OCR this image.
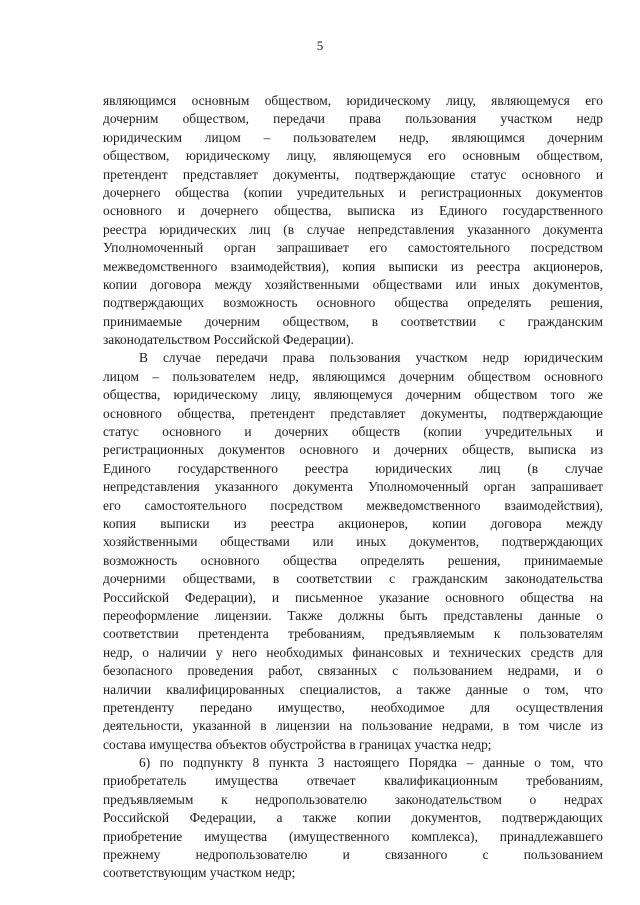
5
являющимся основным обществом, юридическому лицу, являющемуся его
дочерним обществом, передачи права пользования участком недр
юридическим лицом – пользователем недр, являющимся дочерним
обществом, юридическому лицу, являющемуся его основным обществом,
претендент представляет документы, подтверждающие статус основного и
дочернего общества (копии учредительных и регистрационных документов
основного и дочернего общества, выписка из Единого государственного
реестра юридических лиц (в случае непредставления указанного документа
Уполномоченный орган запрашивает его самостоятельного посредством
межведомственного взаимодействия), копия выписки из реестра акционеров,
копии договора между хозяйственными обществами или иных документов,
подтверждающих возможность основного общества определять решения,
принимаемые дочерним обществом, в соответствии с гражданским
законодательством Российской Федерации).
В случае передачи права пользования участком недр юридическим
лицом – пользователем недр, являющимся дочерним обществом основного
общества, юридическому лицу, являющемуся дочерним обществом того же
основного общества, претендент представляет документы, подтверждающие
статус основного и дочерних обществ (копии учредительных и
регистрационных документов основного и дочерних обществ, выписка из
Единого государственного реестра юридических лиц (в случае
непредставления указанного документа Уполномоченный орган запрашивает
его самостоятельного посредством межведомственного взаимодействия),
копия выписки из реестра акционеров, копии договора между
хозяйственными обществами или иных документов, подтверждающих
возможность основного общества определять решения, принимаемые
дочерними обществами, в соответствии с гражданским законодательства
Российской Федерации), и письменное указание основного общества на
переоформление лицензии. Также должны быть представлены данные о
соответствии претендента требованиям, предъявляемым к пользователям
недр, о наличии у него необходимых финансовых и технических средств для
безопасного проведения работ, связанных с пользованием недрами, и о
наличии квалифицированных специалистов, а также данные о том, что
претенденту передано имущество, необходимое для осуществления
деятельности, указанной в лицензии на пользование недрами, в том числе из
состава имущества объектов обустройства в границах участка недр;
6) по подпункту 8 пункта 3 настоящего Порядка – данные о том, что
приобретатель имущества отвечает квалификационным требованиям,
предъявляемым к недропользователю законодательством о недрах
Российской Федерации, а также копии документов, подтверждающих
приобретение имущества (имущественного комплекса), принадлежавшего
прежнему недропользователю и связанного с пользованием
соответствующим участком недр;
